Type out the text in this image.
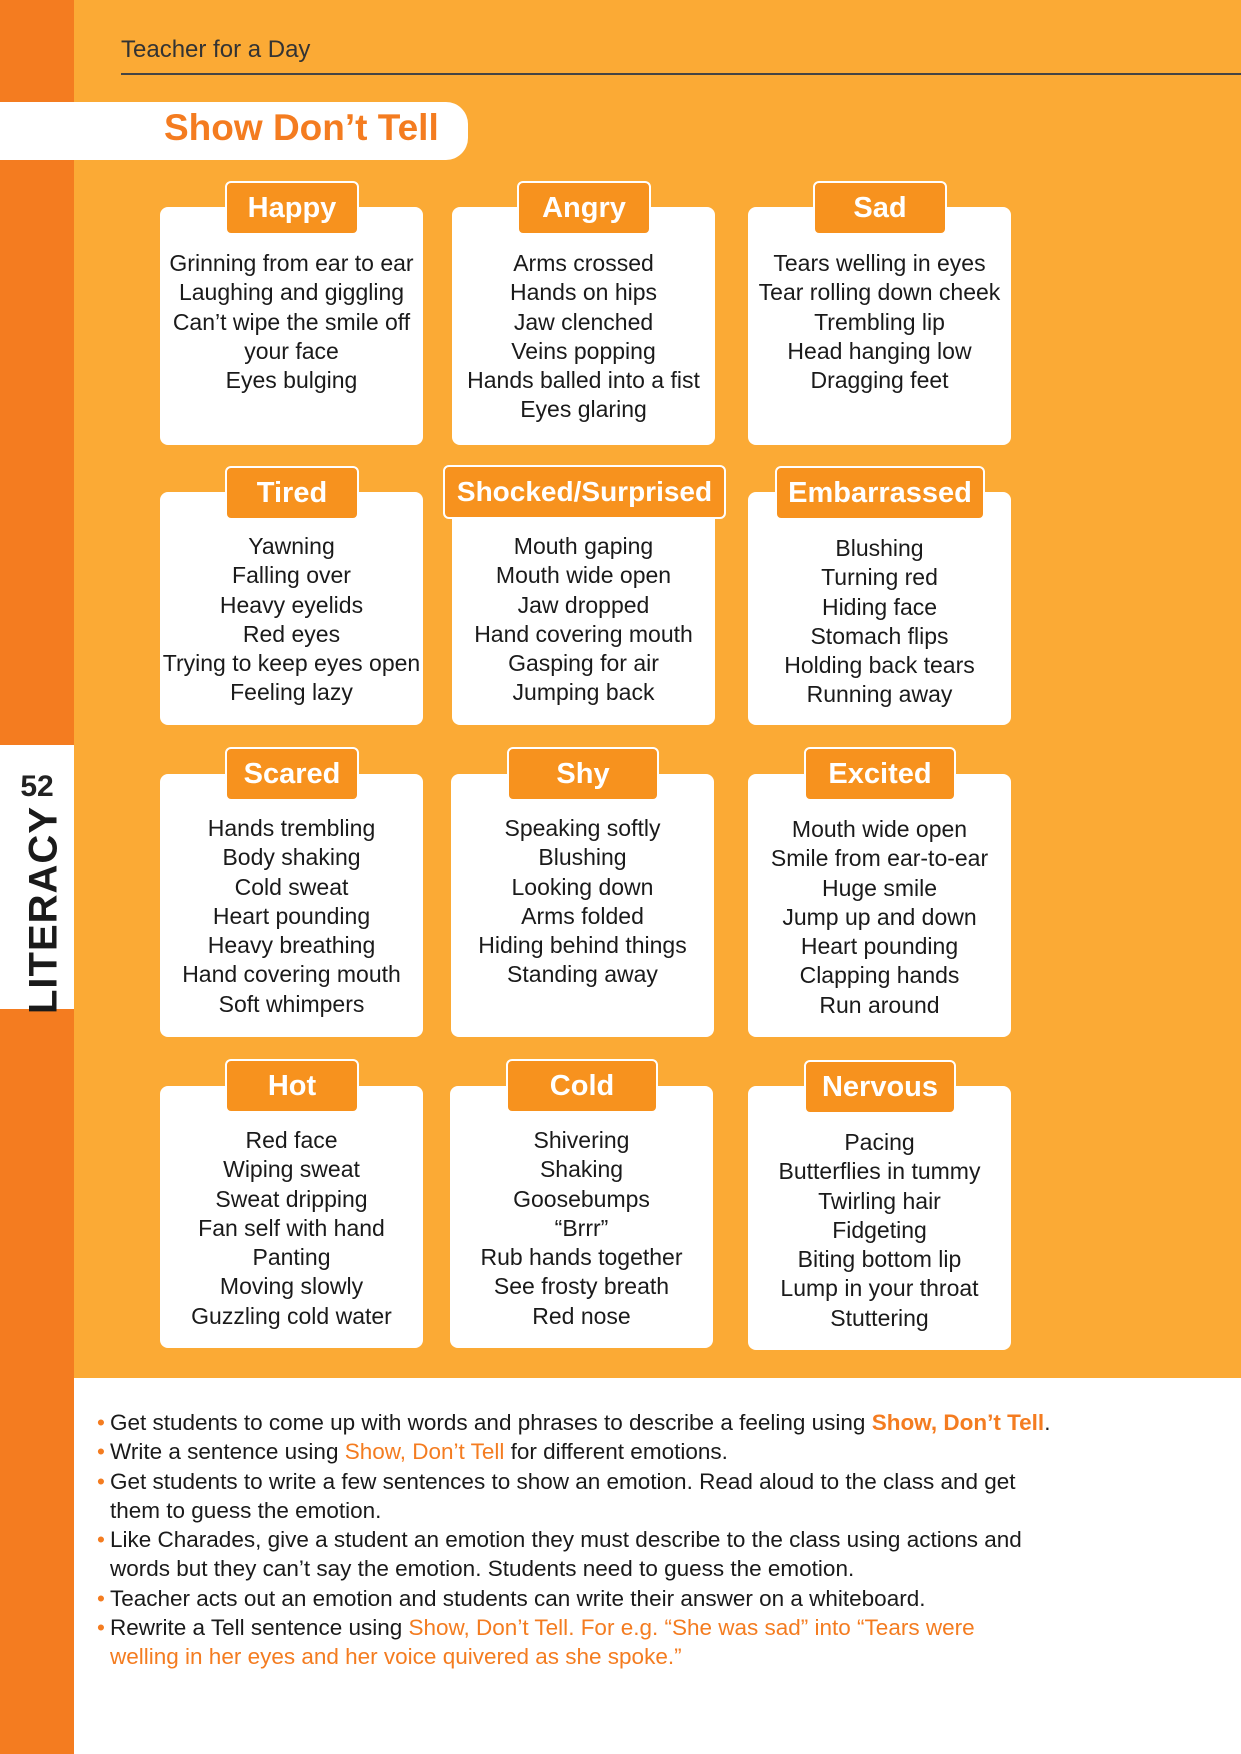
52
LITERACY
Teacher for a Day
Show Don’t Tell
Grinning from ear to ear
Laughing and giggling
Can’t wipe the smile off
your face
Eyes bulging
Happy
Arms crossed
Hands on hips
Jaw clenched
Veins popping
Hands balled into a fist
Eyes glaring
Angry
Tears welling in eyes
Tear rolling down cheek
Trembling lip
Head hanging low
Dragging feet
Sad
Yawning
Falling over
Heavy eyelids
Red eyes
Trying to keep eyes open
Feeling lazy
Tired
Mouth gaping
Mouth wide open
Jaw dropped
Hand covering mouth
Gasping for air
Jumping back
Shocked/Surprised
Blushing
Turning red
Hiding face
Stomach flips
Holding back tears
Running away
Embarrassed
Hands trembling
Body shaking
Cold sweat
Heart pounding
Heavy breathing
Hand covering mouth
Soft whimpers
Scared
Speaking softly
Blushing
Looking down
Arms folded
Hiding behind things
Standing away
Shy
Mouth wide open
Smile from ear-to-ear
Huge smile
Jump up and down
Heart pounding
Clapping hands
Run around
Excited
Red face
Wiping sweat
Sweat dripping
Fan self with hand
Panting
Moving slowly
Guzzling cold water
Hot
Shivering
Shaking
Goosebumps
“Brrr”
Rub hands together
See frosty breath
Red nose
Cold
Pacing
Butterflies in tummy
Twirling hair
Fidgeting
Biting bottom lip
Lump in your throat
Stuttering
Nervous
• Get students to come up with words and phrases to describe a feeling using Show, Don’t Tell.
• Write a sentence using Show, Don’t Tell for different emotions.
• Get students to write a few sentences to show an emotion. Read aloud to the class and get them to guess the emotion.
• Like Charades, give a student an emotion they must describe to the class using actions and words but they can’t say the emotion. Students need to guess the emotion.
• Teacher acts out an emotion and students can write their answer on a whiteboard.
• Rewrite a Tell sentence using Show, Don’t Tell. For e.g. “She was sad” into “Tears were welling in her eyes and her voice quivered as she spoke.”
